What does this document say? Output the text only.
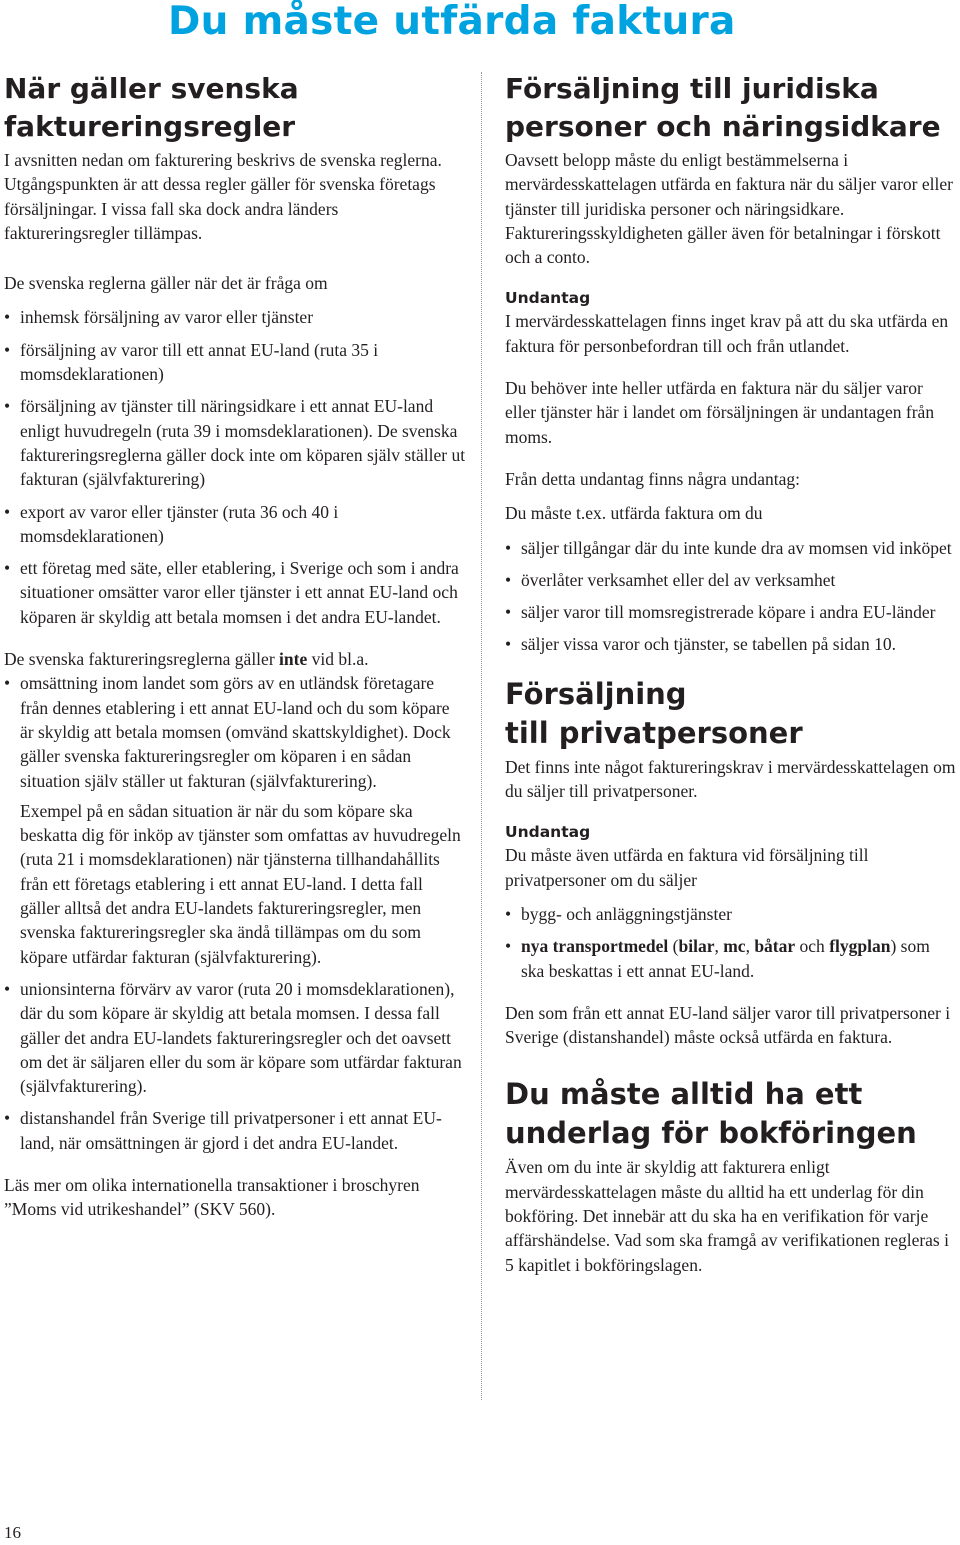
Du måste utfärda faktura
När gäller svenska
faktureringsregler

I avsnitten nedan om fakturering beskrivs de svenska reglerna. Utgångspunkten är att dessa regler gäller för svenska företags försäljningar. I vissa fall ska dock andra länders faktureringsregler tillämpas.

De svenska reglerna gäller när det är fråga om

• inhemsk försäljning av varor eller tjänster
• försäljning av varor till ett annat EU-land (ruta 35 i momsdeklarationen)
• försäljning av tjänster till näringsidkare i ett annat EU-land enligt huvudregeln (ruta 39 i momsdeklarationen). De svenska faktureringsreglerna gäller dock inte om köparen själv ställer ut fakturan (självfakturering)
• export av varor eller tjänster (ruta 36 och 40 i momsdeklarationen)
• ett företag med säte, eller etablering, i Sverige och som i andra situationer omsätter varor eller tjänster i ett annat EU-land och köparen är skyldig att betala momsen i det andra EU-landet.

De svenska faktureringsreglerna gäller inte vid bl.a.

• omsättning inom landet som görs av en utländsk företagare från dennes etablering i ett annat EU-land och du som köpare är skyldig att betala momsen (omvänd skattskyldighet). Dock gäller svenska faktureringsregler om köparen i en sådan situation själv ställer ut fakturan (självfakturering).
Exempel på en sådan situation är när du som köpare ska beskatta dig för inköp av tjänster som omfattas av huvudregeln (ruta 21 i momsdeklarationen) när tjänsterna tillhandahållits från ett företags etablering i ett annat EU-land. I detta fall gäller alltså det andra EU-landets faktureringsregler, men svenska faktureringsregler ska ändå tillämpas om du som köpare utfärdar fakturan (självfakturering).
• unionsinterna förvärv av varor (ruta 20 i momsdeklarationen), där du som köpare är skyldig att betala momsen. I dessa fall gäller det andra EU-landets faktureringsregler och det oavsett om det är säljaren eller du som är köpare som utfärdar fakturan (självfakturering).
• distanshandel från Sverige till privatpersoner i ett annat EU-land, när omsättningen är gjord i det andra EU-landet.

Läs mer om olika internationella transaktioner i broschyren ”Moms vid utrikeshandel” (SKV 560).

Försäljning till juridiska
personer och näringsidkare

Oavsett belopp måste du enligt bestämmelserna i mervärdesskattelagen utfärda en faktura när du säljer varor eller tjänster till juridiska personer och näringsidkare. Faktureringsskyldigheten gäller även för betalningar i förskott och a conto.

Undantag

I mervärdesskattelagen finns inget krav på att du ska utfärda en faktura för personbefordran till och från utlandet.

Du behöver inte heller utfärda en faktura när du säljer varor eller tjänster här i landet om försäljningen är undantagen från moms.

Från detta undantag finns några undantag:

Du måste t.ex. utfärda faktura om du

• säljer tillgångar där du inte kunde dra av momsen vid inköpet
• överlåter verksamhet eller del av verksamhet
• säljer varor till momsregistrerade köpare i andra EU-länder
• säljer vissa varor och tjänster, se tabellen på sidan 10.
Försäljning
till privatpersoner

Det finns inte något faktureringskrav i mervärdesskattelagen om du säljer till privatpersoner.

Undantag

Du måste även utfärda en faktura vid försäljning till privatpersoner om du säljer

• bygg- och anläggningstjänster
• nya transportmedel (bilar, mc, båtar och flygplan) som ska beskattas i ett annat EU-land.

Den som från ett annat EU-land säljer varor till privatpersoner i Sverige (distanshandel) måste också utfärda en faktura.

Du måste alltid ha ett
underlag för bokföringen

Även om du inte är skyldig att fakturera enligt mervärdesskattelagen måste du alltid ha ett underlag för din bokföring. Det innebär att du ska ha en verifikation för varje affärshändelse. Vad som ska framgå av verifikationen regleras i 5 kapitlet i bokföringslagen.

16
